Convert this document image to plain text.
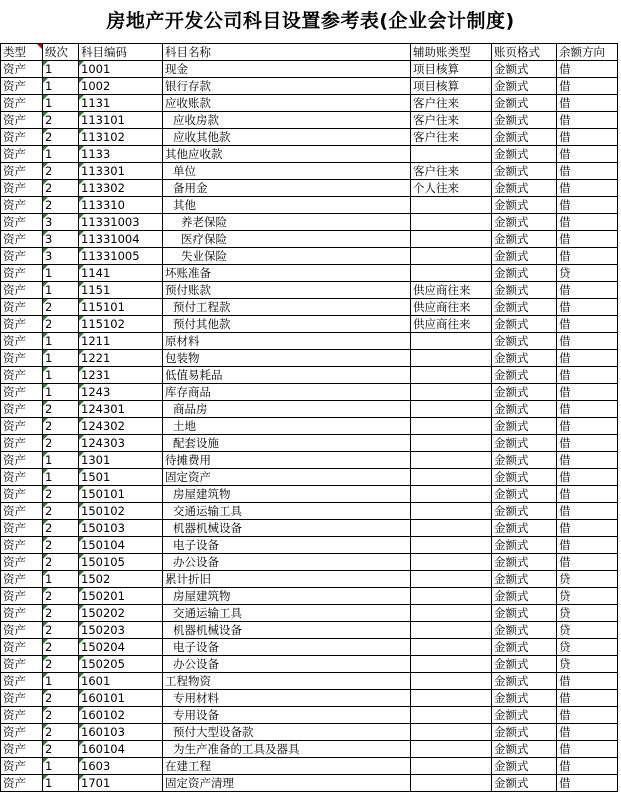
房地产开发公司科目设置参考表(企业会计制度)
类型	级次	科目编码	科目名称	辅助账类型	账页格式	余额方向
资产	1	1001	现金	项目核算	金额式	借
资产	1	1002	银行存款	项目核算	金额式	借
资产	1	1131	应收账款	客户往来	金额式	借
资产	2	113101	应收房款	客户往来	金额式	借
资产	2	113102	应收其他款	客户往来	金额式	借
资产	1	1133	其他应收款		金额式	借
资产	2	113301	单位	客户往来	金额式	借
资产	2	113302	备用金	个人往来	金额式	借
资产	2	113310	其他		金额式	借
资产	3	11331003	养老保险		金额式	借
资产	3	11331004	医疗保险		金额式	借
资产	3	11331005	失业保险		金额式	借
资产	1	1141	坏账准备		金额式	贷
资产	1	1151	预付账款	供应商往来	金额式	借
资产	2	115101	预付工程款	供应商往来	金额式	借
资产	2	115102	预付其他款	供应商往来	金额式	借
资产	1	1211	原材料		金额式	借
资产	1	1221	包装物		金额式	借
资产	1	1231	低值易耗品		金额式	借
资产	1	1243	库存商品		金额式	借
资产	2	124301	商品房		金额式	借
资产	2	124302	土地		金额式	借
资产	2	124303	配套设施		金额式	借
资产	1	1301	待摊费用		金额式	借
资产	1	1501	固定资产		金额式	借
资产	2	150101	房屋建筑物		金额式	借
资产	2	150102	交通运输工具		金额式	借
资产	2	150103	机器机械设备		金额式	借
资产	2	150104	电子设备		金额式	借
资产	2	150105	办公设备		金额式	借
资产	1	1502	累计折旧		金额式	贷
资产	2	150201	房屋建筑物		金额式	贷
资产	2	150202	交通运输工具		金额式	贷
资产	2	150203	机器机械设备		金额式	贷
资产	2	150204	电子设备		金额式	贷
资产	2	150205	办公设备		金额式	贷
资产	1	1601	工程物资		金额式	借
资产	2	160101	专用材料		金额式	借
资产	2	160102	专用设备		金额式	借
资产	2	160103	预付大型设备款		金额式	借
资产	2	160104	为生产准备的工具及器具		金额式	借
资产	1	1603	在建工程		金额式	借
资产	1	1701	固定资产清理		金额式	借
